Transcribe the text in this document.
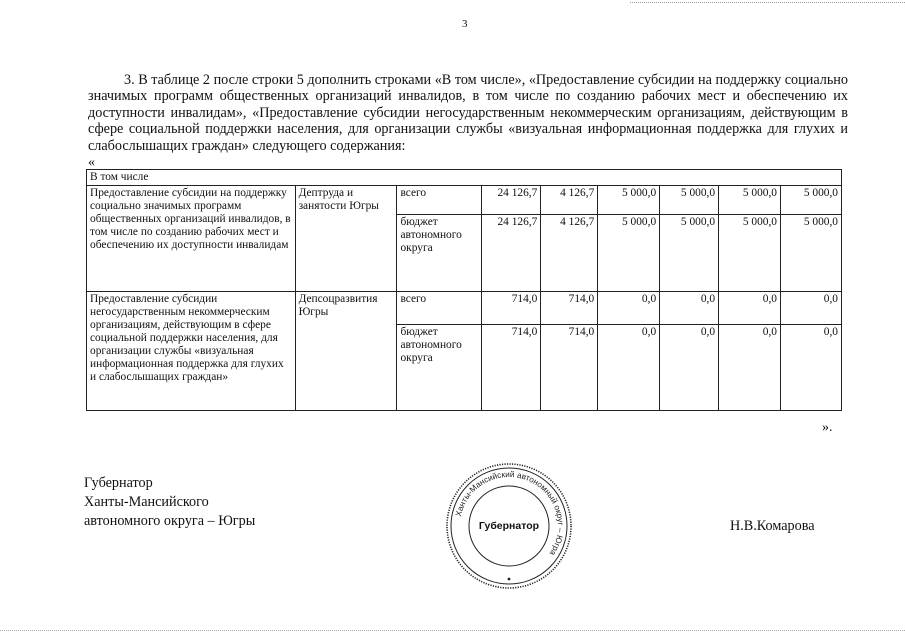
3

3. В таблице 2 после строки 5 дополнить строками «В том числе», «Предоставление субсидии на поддержку социально значимых программ общественных организаций инвалидов, в том числе по созданию рабочих мест и обеспечению их доступности инвалидам», «Предоставление субсидии негосударственным некоммерческим организациям, действующим в сфере социальной поддержки населения, для организации службы «визуальная информационная поддержка для глухих и слабослышащих граждан» следующего содержания:

«
В том числе								
Предоставление субсидии на поддержку социально значимых программ общественных организаций инвалидов, в том числе по созданию рабочих мест и обеспечению их доступности инвалидам	Дептруда и занятости Югры	всего	24 126,7	4 126,7	5 000,0	5 000,0	5 000,0	5 000,0
		бюджет автономного округа	24 126,7	4 126,7	5 000,0	5 000,0	5 000,0	5 000,0
Предоставление субсидии негосударственным некоммерческим организациям, действующим в сфере социальной поддержки населения, для организации службы «визуальная информационная поддержка для глухих и слабослышащих граждан»	Депсоцразвития Югры	всего	714,0	714,0	0,0	0,0	0,0	0,0
		бюджет автономного округа	714,0	714,0	0,0	0,0	0,0	0,0
».
Губернатор
Ханты-Мансийского
автономного округа – Югры	Ханты-Мансийский автономный округ – Югра
Губернатор	Н.В.Комарова
